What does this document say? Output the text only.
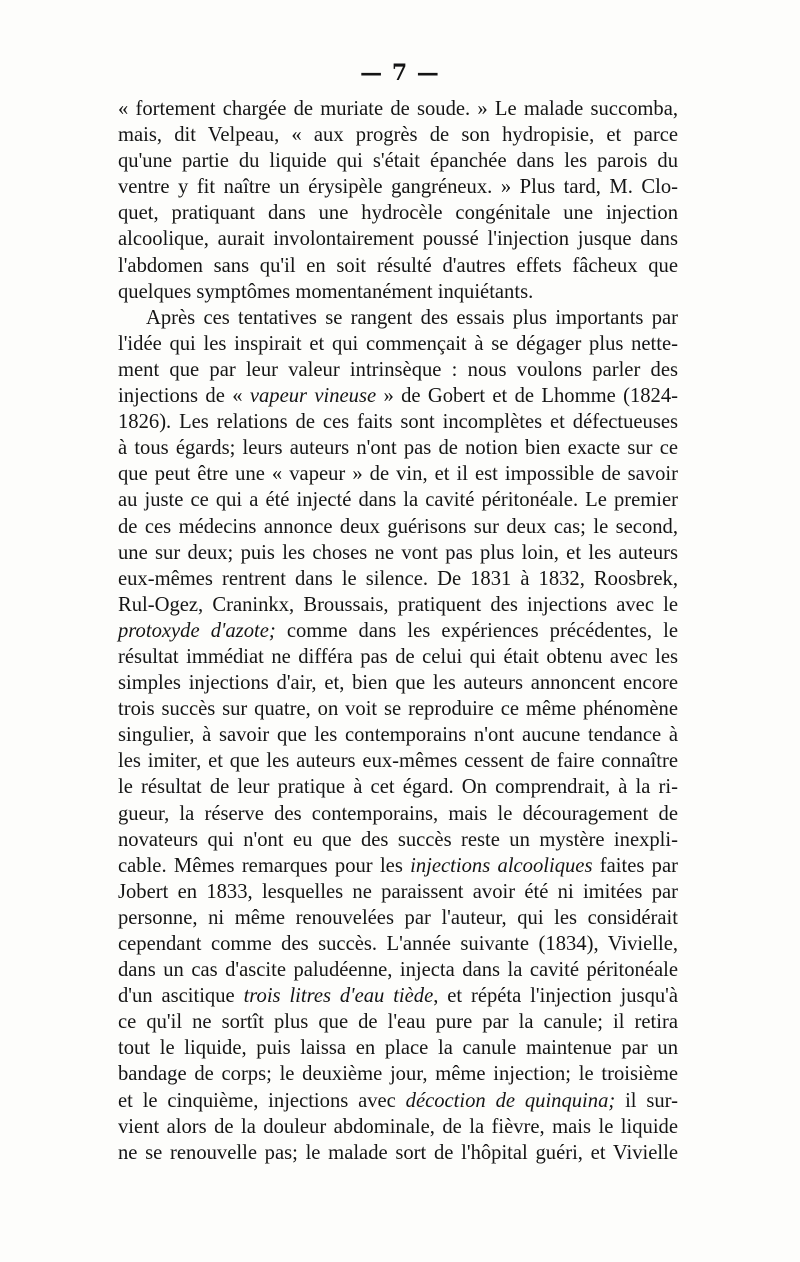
— 7 —

« fortement chargée de muriate de soude. » Le malade succomba,
mais, dit Velpeau, « aux progrès de son hydropisie, et parce
qu'une partie du liquide qui s'était épanchée dans les parois du
ventre y fit naître un érysipèle gangréneux. » Plus tard, M. Clo-
quet, pratiquant dans une hydrocèle congénitale une injection
alcoolique, aurait involontairement poussé l'injection jusque dans
l'abdomen sans qu'il en soit résulté d'autres effets fâcheux que
quelques symptômes momentanément inquiétants.

Après ces tentatives se rangent des essais plus importants par
l'idée qui les inspirait et qui commençait à se dégager plus nette-
ment que par leur valeur intrinsèque : nous voulons parler des
injections de « vapeur vineuse » de Gobert et de Lhomme (1824-
1826). Les relations de ces faits sont incomplètes et défectueuses
à tous égards; leurs auteurs n'ont pas de notion bien exacte sur ce
que peut être une « vapeur » de vin, et il est impossible de savoir
au juste ce qui a été injecté dans la cavité péritonéale. Le premier
de ces médecins annonce deux guérisons sur deux cas; le second,
une sur deux; puis les choses ne vont pas plus loin, et les auteurs
eux-mêmes rentrent dans le silence. De 1831 à 1832, Roosbrek,
Rul-Ogez, Craninkx, Broussais, pratiquent des injections avec le
protoxyde d'azote; comme dans les expériences précédentes, le
résultat immédiat ne différa pas de celui qui était obtenu avec les
simples injections d'air, et, bien que les auteurs annoncent encore
trois succès sur quatre, on voit se reproduire ce même phénomène
singulier, à savoir que les contemporains n'ont aucune tendance à
les imiter, et que les auteurs eux-mêmes cessent de faire connaître
le résultat de leur pratique à cet égard. On comprendrait, à la ri-
gueur, la réserve des contemporains, mais le découragement de
novateurs qui n'ont eu que des succès reste un mystère inexpli-
cable. Mêmes remarques pour les injections alcooliques faites par
Jobert en 1833, lesquelles ne paraissent avoir été ni imitées par
personne, ni même renouvelées par l'auteur, qui les considérait
cependant comme des succès. L'année suivante (1834), Vivielle,
dans un cas d'ascite paludéenne, injecta dans la cavité péritonéale
d'un ascitique trois litres d'eau tiède, et répéta l'injection jusqu'à
ce qu'il ne sortît plus que de l'eau pure par la canule; il retira
tout le liquide, puis laissa en place la canule maintenue par un
bandage de corps; le deuxième jour, même injection; le troisième
et le cinquième, injections avec décoction de quinquina; il sur-
vient alors de la douleur abdominale, de la fièvre, mais le liquide
ne se renouvelle pas; le malade sort de l'hôpital guéri, et Vivielle
